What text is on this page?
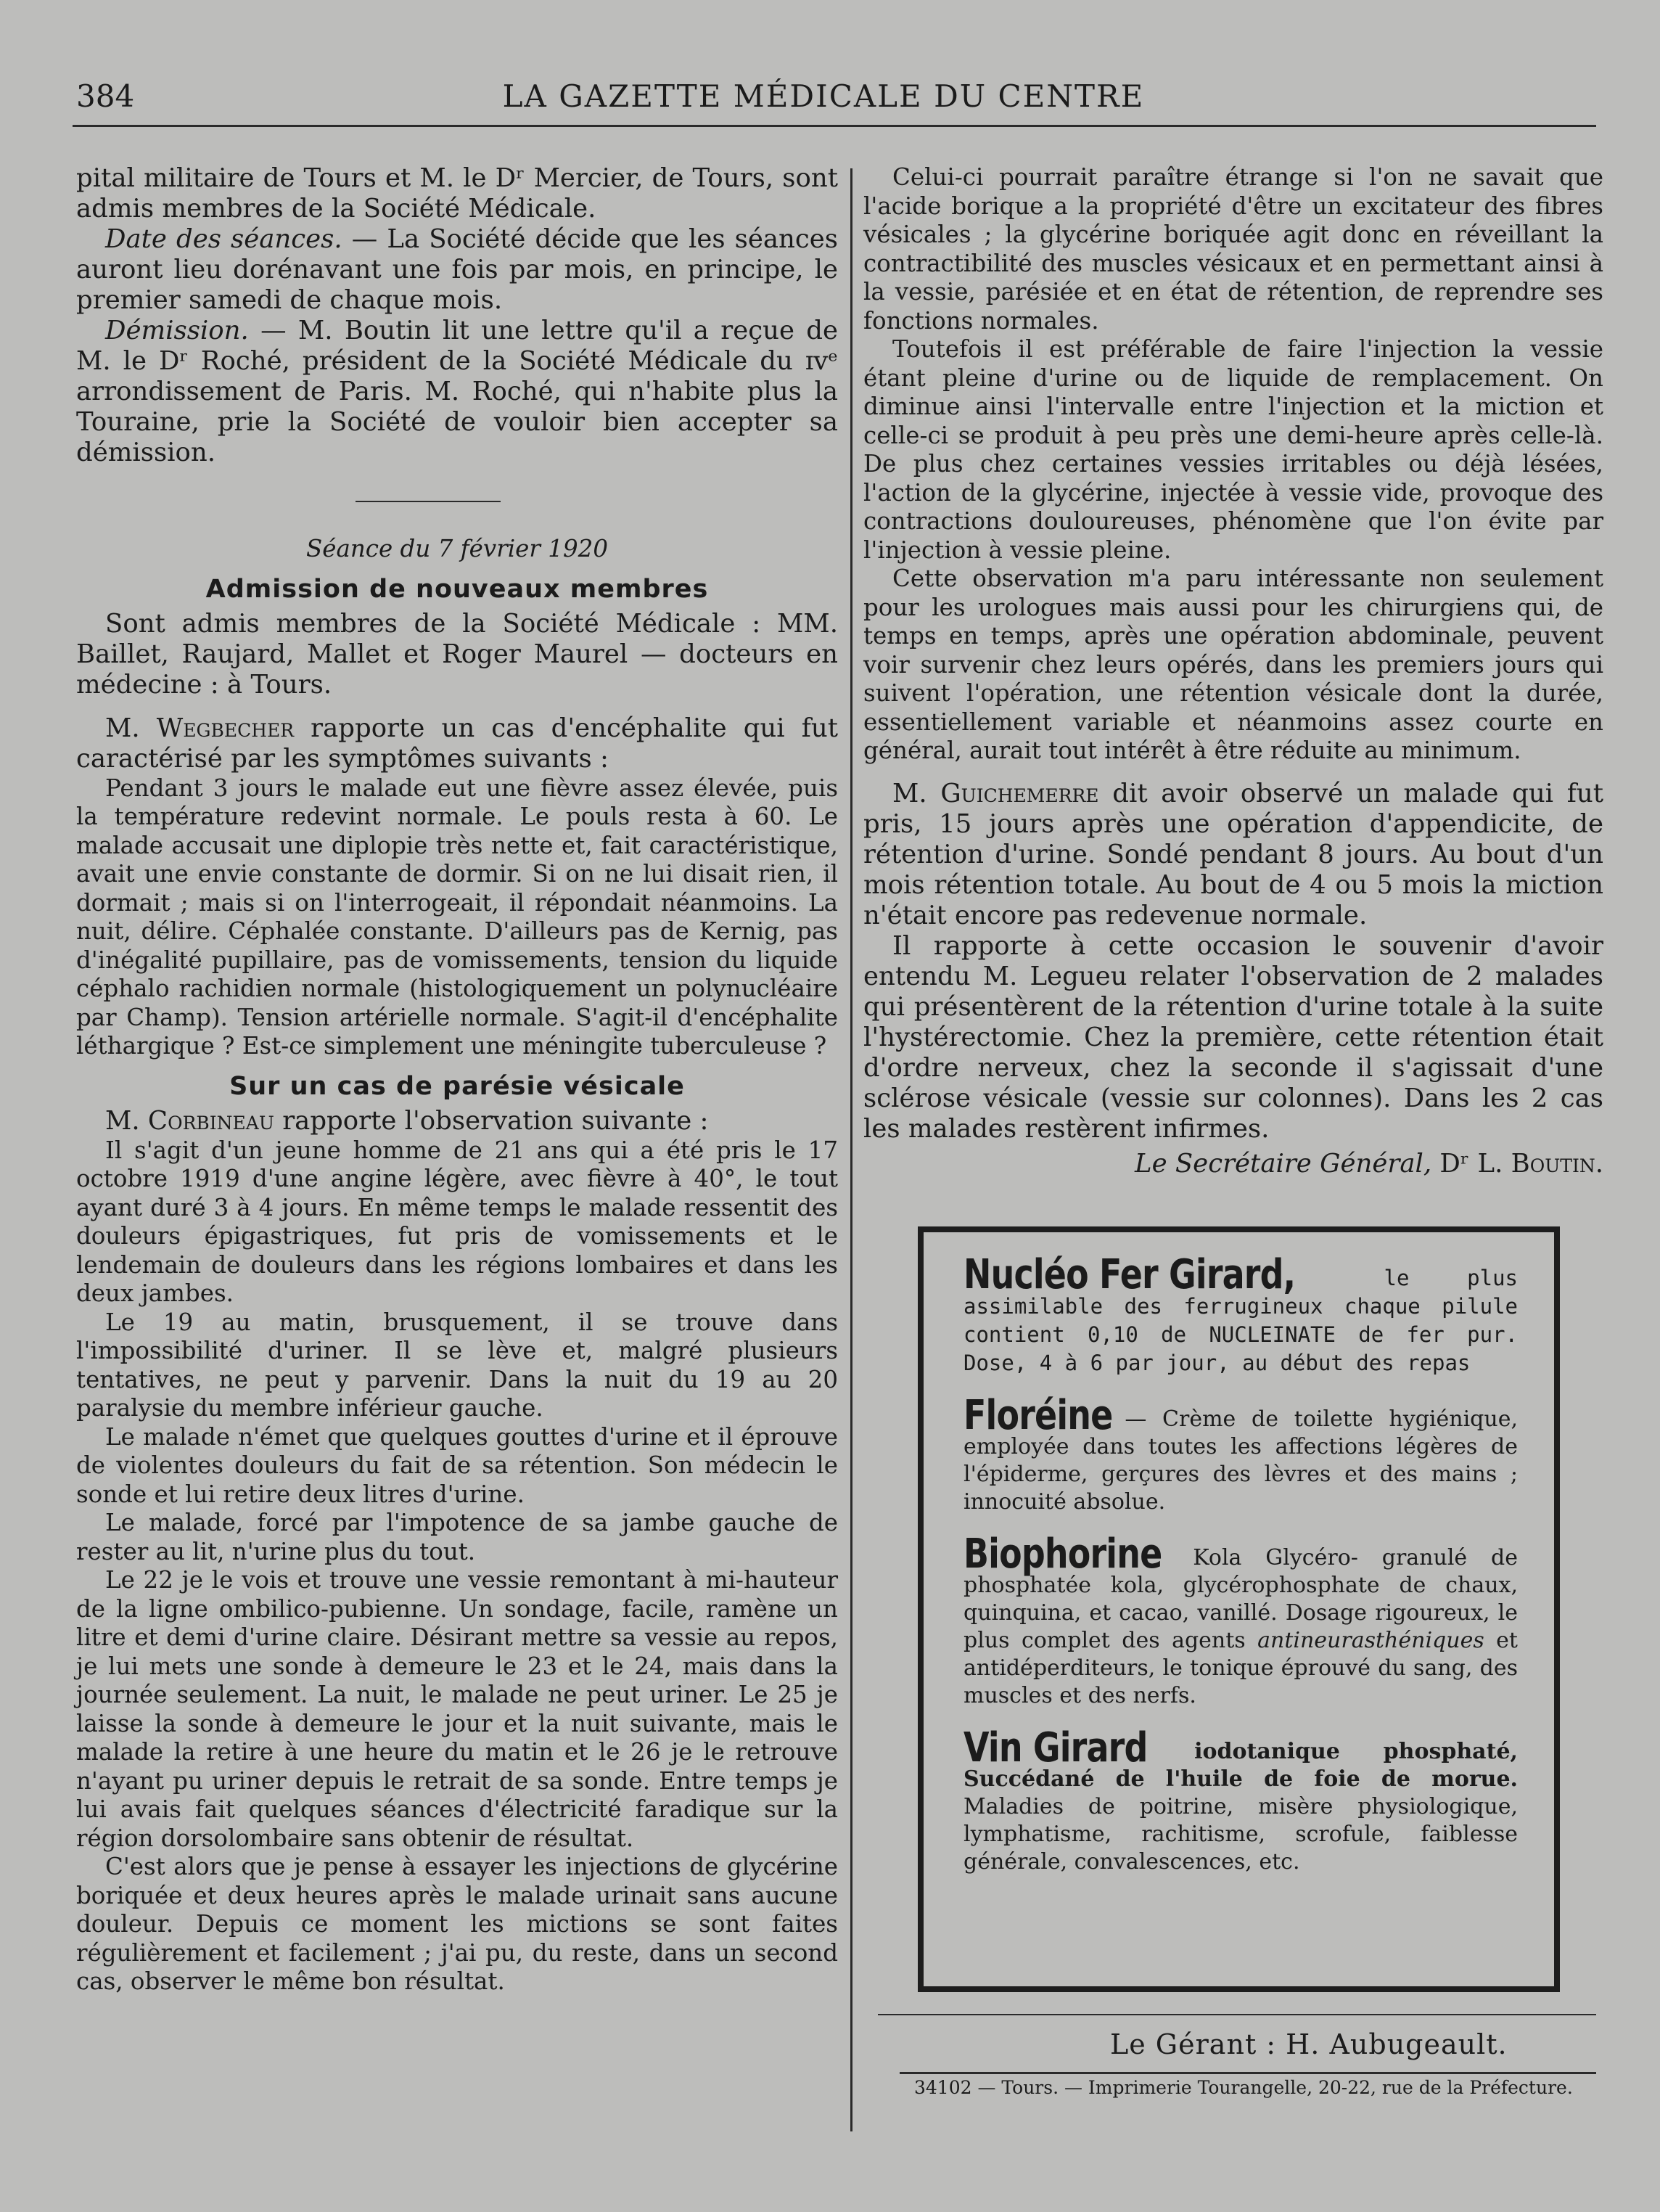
384	LA GAZETTE MÉDICALE DU CENTRE

pital militaire de Tours et M. le Dʳ Mercier, de Tours, sont admis membres de la Société Médicale.

Date des séances. — La Société décide que les séances auront lieu dorénavant une fois par mois, en principe, le premier samedi de chaque mois.

Démission. — M. Boutin lit une lettre qu'il a reçue de M. le Dʳ Roché, président de la Société Médicale du ɪvᵉ arrondissement de Paris. M. Roché, qui n'habite plus la Touraine, prie la Société de vouloir bien accepter sa démission.

Séance du 7 février 1920

Admission de nouveaux membres

Sont admis membres de la Société Médicale : MM. Baillet, Raujard, Mallet et Roger Maurel — docteurs en médecine : à Tours.

M. Wegbecher rapporte un cas d'encéphalite qui fut caractérisé par les symptômes suivants :

Pendant 3 jours le malade eut une fièvre assez élevée, puis la température redevint normale. Le pouls resta à 60. Le malade accusait une diplopie très nette et, fait caractéristique, avait une envie constante de dormir. Si on ne lui disait rien, il dormait ; mais si on l'interrogeait, il répondait néanmoins. La nuit, délire. Céphalée constante. D'ailleurs pas de Kernig, pas d'inégalité pupillaire, pas de vomissements, tension du liquide céphalo rachidien normale (histologiquement un polynucléaire par Champ). Tension artérielle normale. S'agit-il d'encéphalite léthargique ? Est-ce simplement une méningite tuberculeuse ?

Sur un cas de parésie vésicale

M. Corbineau rapporte l'observation suivante :

Il s'agit d'un jeune homme de 21 ans qui a été pris le 17 octobre 1919 d'une angine légère, avec fièvre à 40°, le tout ayant duré 3 à 4 jours. En même temps le malade ressentit des douleurs épigastriques, fut pris de vomissements et le lendemain de douleurs dans les régions lombaires et dans les deux jambes.

Le 19 au matin, brusquement, il se trouve dans l'impossibilité d'uriner. Il se lève et, malgré plusieurs tentatives, ne peut y parvenir. Dans la nuit du 19 au 20 paralysie du membre inférieur gauche.

Le malade n'émet que quelques gouttes d'urine et il éprouve de violentes douleurs du fait de sa rétention. Son médecin le sonde et lui retire deux litres d'urine.

Le malade, forcé par l'impotence de sa jambe gauche de rester au lit, n'urine plus du tout.

Le 22 je le vois et trouve une vessie remontant à mi-hauteur de la ligne ombilico-pubienne. Un sondage, facile, ramène un litre et demi d'urine claire. Désirant mettre sa vessie au repos, je lui mets une sonde à demeure le 23 et le 24, mais dans la journée seulement. La nuit, le malade ne peut uriner. Le 25 je laisse la sonde à demeure le jour et la nuit suivante, mais le malade la retire à une heure du matin et le 26 je le retrouve n'ayant pu uriner depuis le retrait de sa sonde. Entre temps je lui avais fait quelques séances d'électricité faradique sur la région dorsolombaire sans obtenir de résultat.

C'est alors que je pense à essayer les injections de glycérine boriquée et deux heures après le malade urinait sans aucune douleur. Depuis ce moment les mictions se sont faites régulièrement et facilement ; j'ai pu, du reste, dans un second cas, observer le même bon résultat.

Celui-ci pourrait paraître étrange si l'on ne savait que l'acide borique a la propriété d'être un excitateur des fibres vésicales ; la glycérine boriquée agit donc en réveillant la contractibilité des muscles vésicaux et en permettant ainsi à la vessie, parésiée et en état de rétention, de reprendre ses fonctions normales.

Toutefois il est préférable de faire l'injection la vessie étant pleine d'urine ou de liquide de remplacement. On diminue ainsi l'intervalle entre l'injection et la miction et celle-ci se produit à peu près une demi-heure après celle-là. De plus chez certaines vessies irritables ou déjà lésées, l'action de la glycérine, injectée à vessie vide, provoque des contractions douloureuses, phénomène que l'on évite par l'injection à vessie pleine.

Cette observation m'a paru intéressante non seulement pour les urologues mais aussi pour les chirurgiens qui, de temps en temps, après une opération abdominale, peuvent voir survenir chez leurs opérés, dans les premiers jours qui suivent l'opération, une rétention vésicale dont la durée, essentiellement variable et néanmoins assez courte en général, aurait tout intérêt à être réduite au minimum.

M. Guichemerre dit avoir observé un malade qui fut pris, 15 jours après une opération d'appendicite, de rétention d'urine. Sondé pendant 8 jours. Au bout d'un mois rétention totale. Au bout de 4 ou 5 mois la miction n'était encore pas redevenue normale.

Il rapporte à cette occasion le souvenir d'avoir entendu M. Legueu relater l'observation de 2 malades qui présentèrent de la rétention d'urine totale à la suite l'hystérectomie. Chez la première, cette rétention était d'ordre nerveux, chez la seconde il s'agissait d'une sclérose vésicale (vessie sur colonnes). Dans les 2 cas les malades restèrent infirmes.

Le Secrétaire Général, Dʳ L. Boutin.

Nucléo Fer Girard,	le plus assimilable des ferrugineux chaque pilule contient 0,10 de NUCLEINATE de fer pur. Dose, 4 à 6 par jour, au début des repas

Floréine — Crème de toilette hygiénique, employée dans toutes les affections légères de l'épiderme, gerçures des lèvres et des mains ; innocuité absolue.

Biophorine Kola Glycéro- granulé de phosphatée kola, glycérophosphate de chaux, quinquina, et cacao, vanillé. Dosage rigoureux, le plus complet des agents antineurasthéniques et antidéperditeurs, le tonique éprouvé du sang, des muscles et des nerfs.

Vin Girard iodotanique phosphaté, Succédané de l'huile de foie de morue. Maladies de poitrine, misère physiologique, lymphatisme, rachitisme, scrofule, faiblesse générale, convalescences, etc.

Le Gérant : H. Aubugeault.
34102 — Tours. — Imprimerie Tourangelle, 20-22, rue de la Préfecture.
